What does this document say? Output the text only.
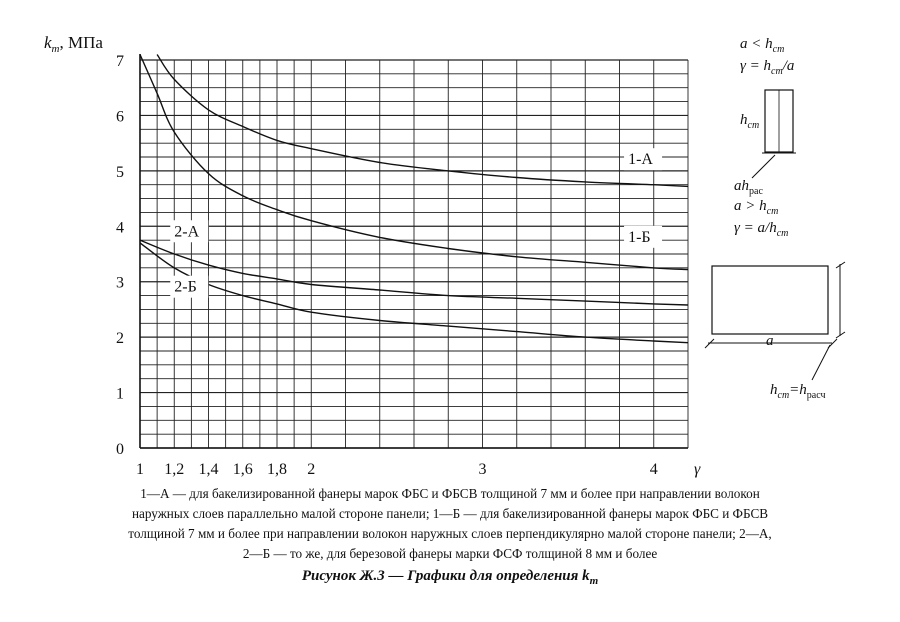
0
1
2
3
4
5
6
7
1 1,2 1,4 1,6 1,8 2	3	4 γ
1-А
1-Б
2-А
2-Б
$k_т$, МПа	$a < h_{ст}$
$\gamma = h_{ст}/a$
$h_{ст}$
$ah_{рас}$
$a > h_{ст}$
$\gamma = a/h_{ст}$
a
$h_{ст}=h_{расч}$
1—А — для бакелизированной фанеры марок ФБС и ФБСВ толщиной 7 мм и более при направлении волокон
наружных слоев параллельно малой стороне панели; 1—Б — для бакелизированной фанеры марок ФБС и ФБСВ
толщиной 7 мм и более при направлении волокон наружных слоев перпендикулярно малой стороне панели; 2—А,
2—Б — то же, для березовой фанеры марки ФСФ толщиной 8 мм и более
Рисунок Ж.3 — Графики для определения $k_т$
